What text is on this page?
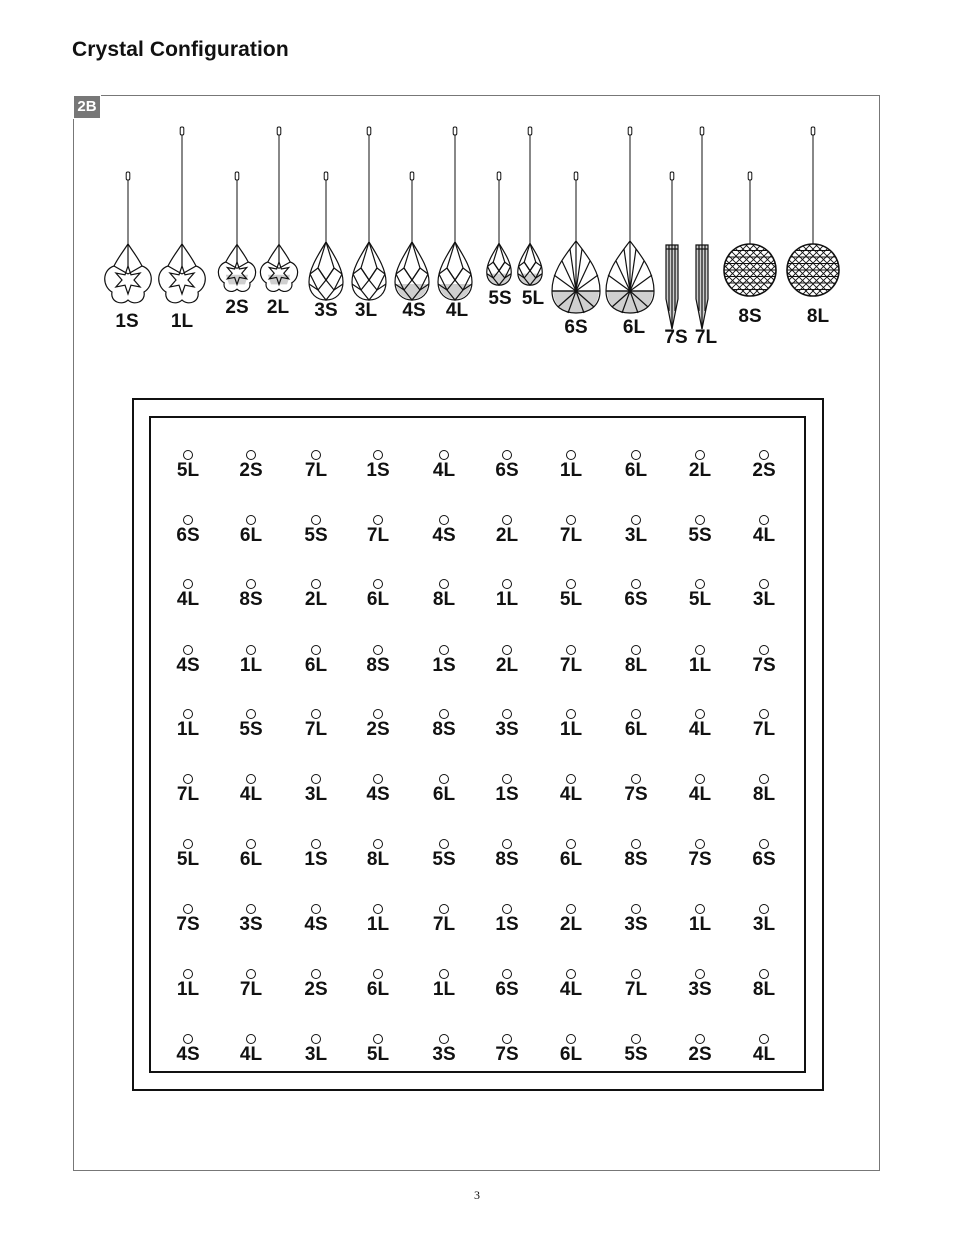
Crystal Configuration
2B
1S 1L
2S 2L 3S 3L 4S 4L
5S 5L
6S 6L 7S 7L
8S 8L
5L	2S	7L	1S	4L	6S	1L	6L	2L	2S
6S	6L	5S	7L	4S	2L	7L	3L	5S	4L
4L	8S	2L	6L	8L	1L	5L	6S	5L	3L
4S	1L	6L	8S	1S	2L	7L	8L	1L	7S
1L	5S	7L	2S	8S	3S	1L	6L	4L	7L
7L	4L	3L	4S	6L	1S	4L	7S	4L	8L
5L	6L	1S	8L	5S	8S	6L	8S	7S	6S
7S	3S	4S	1L	7L	1S	2L	3S	1L	3L
1L	7L	2S	6L	1L	6S	4L	7L	3S	8L
4S	4L	3L	5L	3S	7S	6L	5S	2S	4L
3
